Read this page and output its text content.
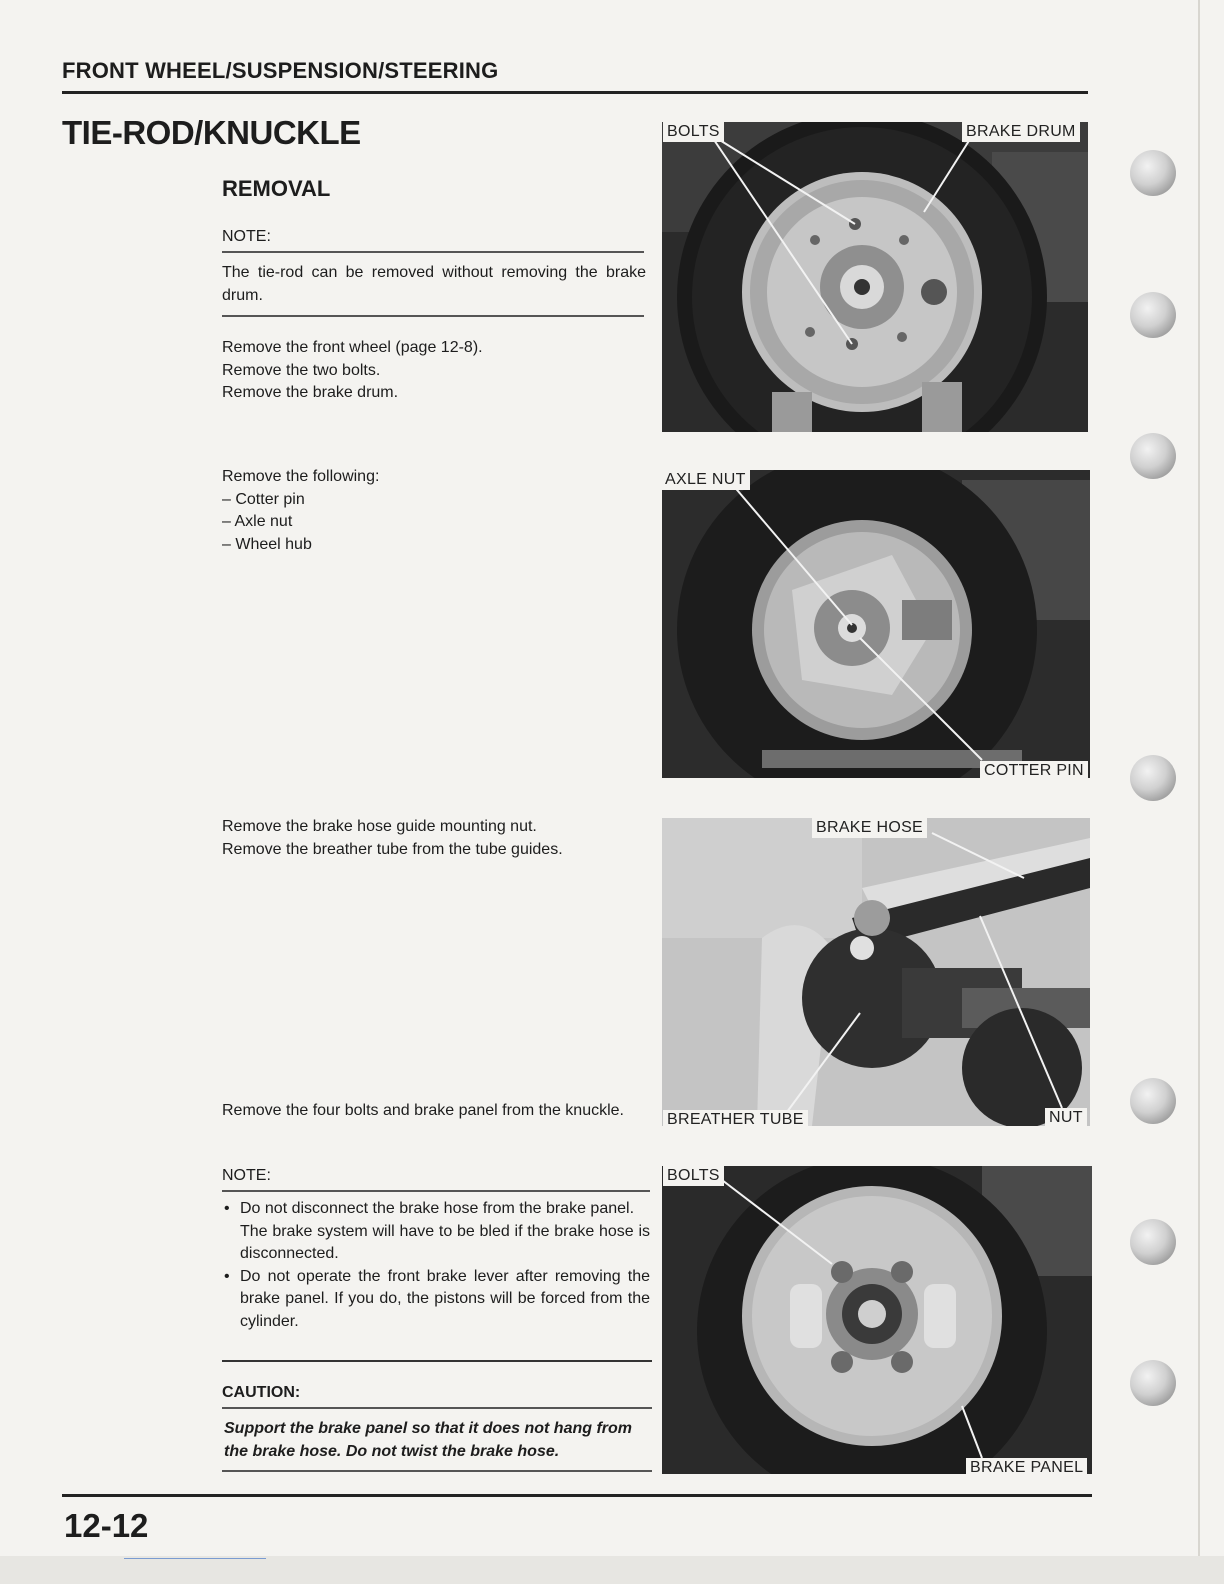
FRONT WHEEL/SUSPENSION/STEERING
TIE-ROD/KNUCKLE
REMOVAL
NOTE:
The tie-rod can be removed without removing the brake drum.
Remove the front wheel (page 12-8).
Remove the two bolts.
Remove the brake drum.
Remove the following:
– Cotter pin
– Axle nut
– Wheel hub
Remove the brake hose guide mounting nut.
Remove the breather tube from the tube guides.
Remove the four bolts and brake panel from the knuckle.
NOTE:
• Do not disconnect the brake hose from the brake panel.
The brake system will have to be bled if the brake hose is disconnected.
• Do not operate the front brake lever after removing the brake panel. If you do, the pistons will be forced from the cylinder.
CAUTION:
Support the brake panel so that it does not hang from the brake hose. Do not twist the brake hose.
BOLTS	BRAKE DRUM
AXLE NUT
COTTER PIN
BRAKE HOSE
BREATHER TUBE	NUT
BOLTS
BRAKE PANEL
12-12
